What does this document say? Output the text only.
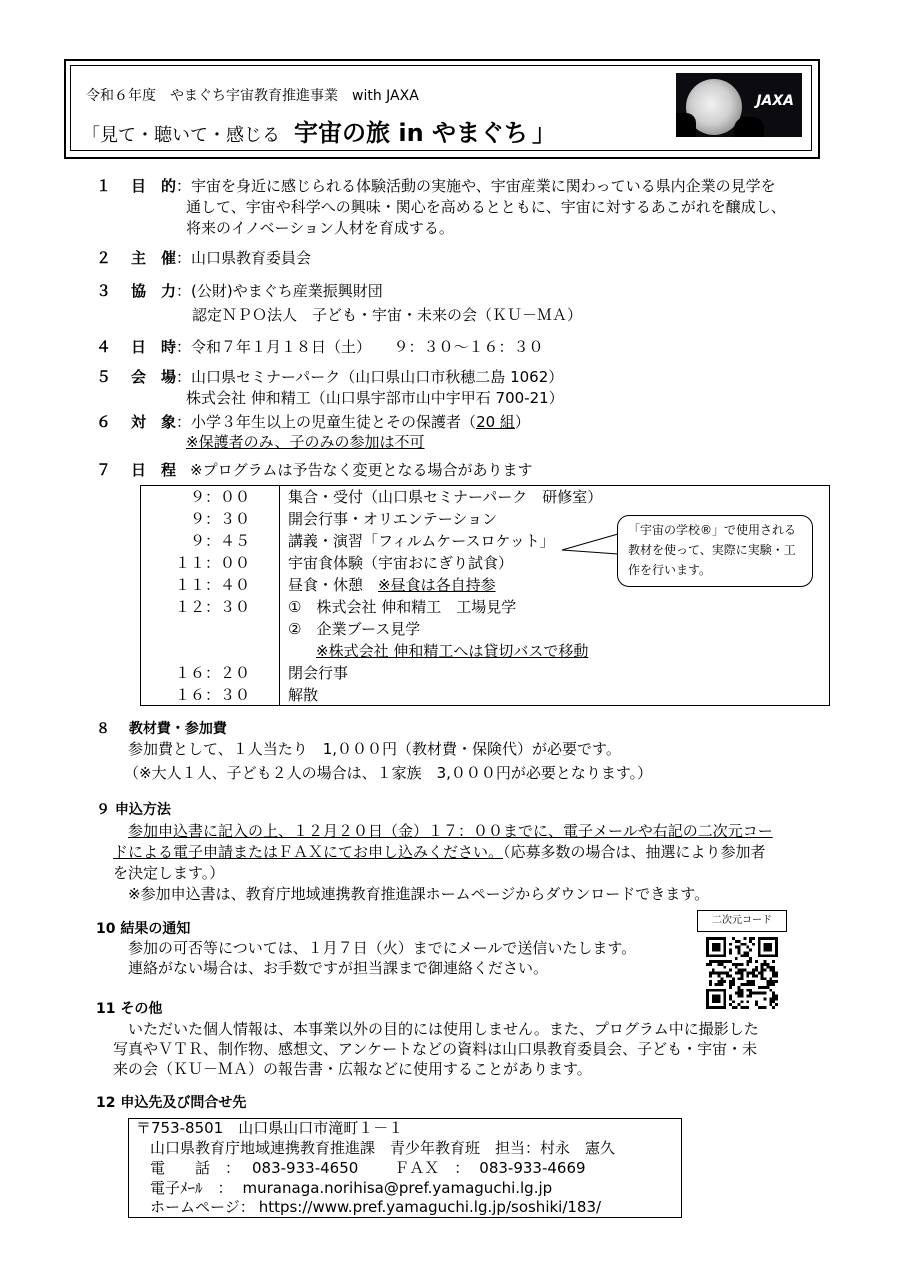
令和６年度　やまぐち宇宙教育推進事業　with JAXA
「見て・聴いて・感じる 宇宙の旅 in やまぐち 」
JAXA
１ 目　的：宇宙を身近に感じられる体験活動の実施や、宇宙産業に関わっている県内企業の見学を
通して、宇宙や科学への興味・関心を高めるとともに、宇宙に対するあこがれを醸成し、
将来のイノベーション人材を育成する。
２ 主　催：山口県教育委員会
３ 協　力：(公財)やまぐち産業振興財団
認定ＮＰＯ法人　子ども・宇宙・未来の会（ＫＵ－ＭＡ）
４ 日　時：令和７年１月１８日（土）　　９：３０～１６：３０
５ 会　場：山口県セミナーパーク（山口県山口市秋穂二島 1062）
株式会社 伸和精工（山口県宇部市山中宇甲石 700-21）
６ 対　象：小学３年生以上の児童生徒とその保護者（20 組）
※保護者のみ、子のみの参加は不可
７ 日　程 ※プログラムは予告なく変更となる場合があります
９：００	集合・受付（山口県セミナーパーク　研修室）
９：３０	開会行事・オリエンテーション
９：４５	講義・演習「フィルムケースロケット」
１１：００	宇宙食体験（宇宙おにぎり試食）
１１：４０	昼食・休憩　※昼食は各自持参
１２：３０	①　株式会社 伸和精工　工場見学
②　企業ブース見学
※株式会社 伸和精工へは貸切バスで移動
１６：２０	閉会行事
１６：３０	解散
「宇宙の学校®」で使用される
教材を使って、実際に実験・工
作を行います。
８　 教材費・参加費
参加費として、１人当たり　1,０００円（教材費・保険代）が必要です。
（※大人１人、子ども２人の場合は、１家族　3,０００円が必要となります。）
９ 申込方法
参加申込書に記入の上、１２月２０日（金）１７：００までに、電子メールや右記の二次元コー
ドによる電子申請またはＦＡＸにてお申し込みください。（応募多数の場合は、抽選により参加者
を決定します。）
※参加申込書は、教育庁地域連携教育推進課ホームページからダウンロードできます。
10 結果の通知
参加の可否等については、１月７日（火）までにメールで送信いたします。
連絡がない場合は、お手数ですが担当課まで御連絡ください。
二次元コード
11 その他
いただいた個人情報は、本事業以外の目的には使用しません。また、プログラム中に撮影した
写真やＶＴＲ、制作物、感想文、アンケートなどの資料は山口県教育委員会、子ども・宇宙・未
来の会（ＫＵ－ＭＡ）の報告書・広報などに使用することがあります。
12 申込先及び問合せ先
〒753-8501　山口県山口市滝町１－１
山口県教育庁地域連携教育推進課　青少年教育班　担当：村永　憲久
電　　話　： 083-933-4650 ＦＡＸ　： 083-933-4669
電子ﾒｰﾙ　： muranaga.norihisa@pref.yamaguchi.lg.jp
ホームページ： https://www.pref.yamaguchi.lg.jp/soshiki/183/
